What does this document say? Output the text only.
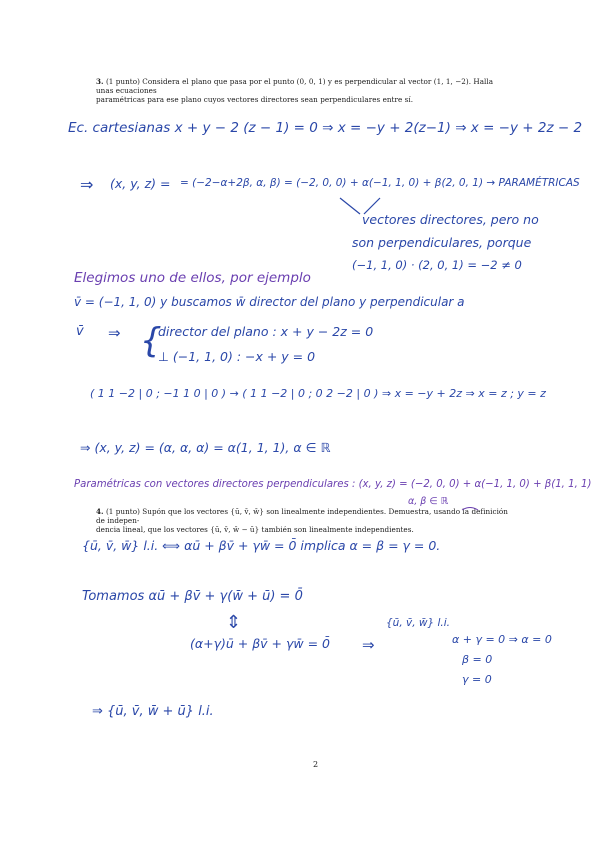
3. (1 punto) Considera el plano que pasa por el punto (0, 0, 1) y es perpendicular al vector (1, 1, −2). Halla unas ecuaciones
paramétricas para ese plano cuyos vectores directores sean perpendiculares entre sí.
Ec. cartesianas x + y − 2 (z − 1) = 0 ⇒ x = −y + 2(z−1) ⇒ x = −y + 2z − 2
⇒ (x, y, z) = = (−2−α+2β, α, β) = (−2, 0, 0) + α(−1, 1, 0) + β(2, 0, 1) → PARAMÉTRICAS
vectores directores, pero no
son perpendiculares, porque
(−1, 1, 0) · (2, 0, 1) = −2 ≠ 0
Elegimos uno de ellos, por ejemplo
v̄ = (−1, 1, 0) y buscamos w̄ director del plano y perpendicular a
v̄ ⇒ {
director del plano : x + y − 2z = 0
⊥ (−1, 1, 0) : −x + y = 0
( 1 1 −2 | 0 ; −1 1 0 | 0 ) → ( 1 1 −2 | 0 ; 0 2 −2 | 0 ) ⇒ x = −y + 2z ⇒ x = z ; y = z
⇒ (x, y, z) = (α, α, α) = α(1, 1, 1), α ∈ ℝ
Paramétricas con vectores directores perpendiculares : (x, y, z) = (−2, 0, 0) + α(−1, 1, 0) + β(1, 1, 1)
α, β ∈ ℝ
4. (1 punto) Supón que los vectores {ū, v̄, w̄} son linealmente independientes. Demuestra, usando la definición de indepen-
dencia lineal, que los vectores {ū, v̄, w̄ − ū} también son linealmente independientes.
{ū, v̄, w̄} l.i. ⟺ αū + βv̄ + γw̄ = 0̄ implica α = β = γ = 0.
Tomamos αū + βv̄ + γ(w̄ + ū) = 0̄
⇕
(α+γ)ū + βv̄ + γw̄ = 0̄ ⇒
{ū, v̄, w̄} l.i.
α + γ = 0 ⇒ α = 0
β = 0
γ = 0
⇒ {ū, v̄, w̄ + ū} l.i.
2
